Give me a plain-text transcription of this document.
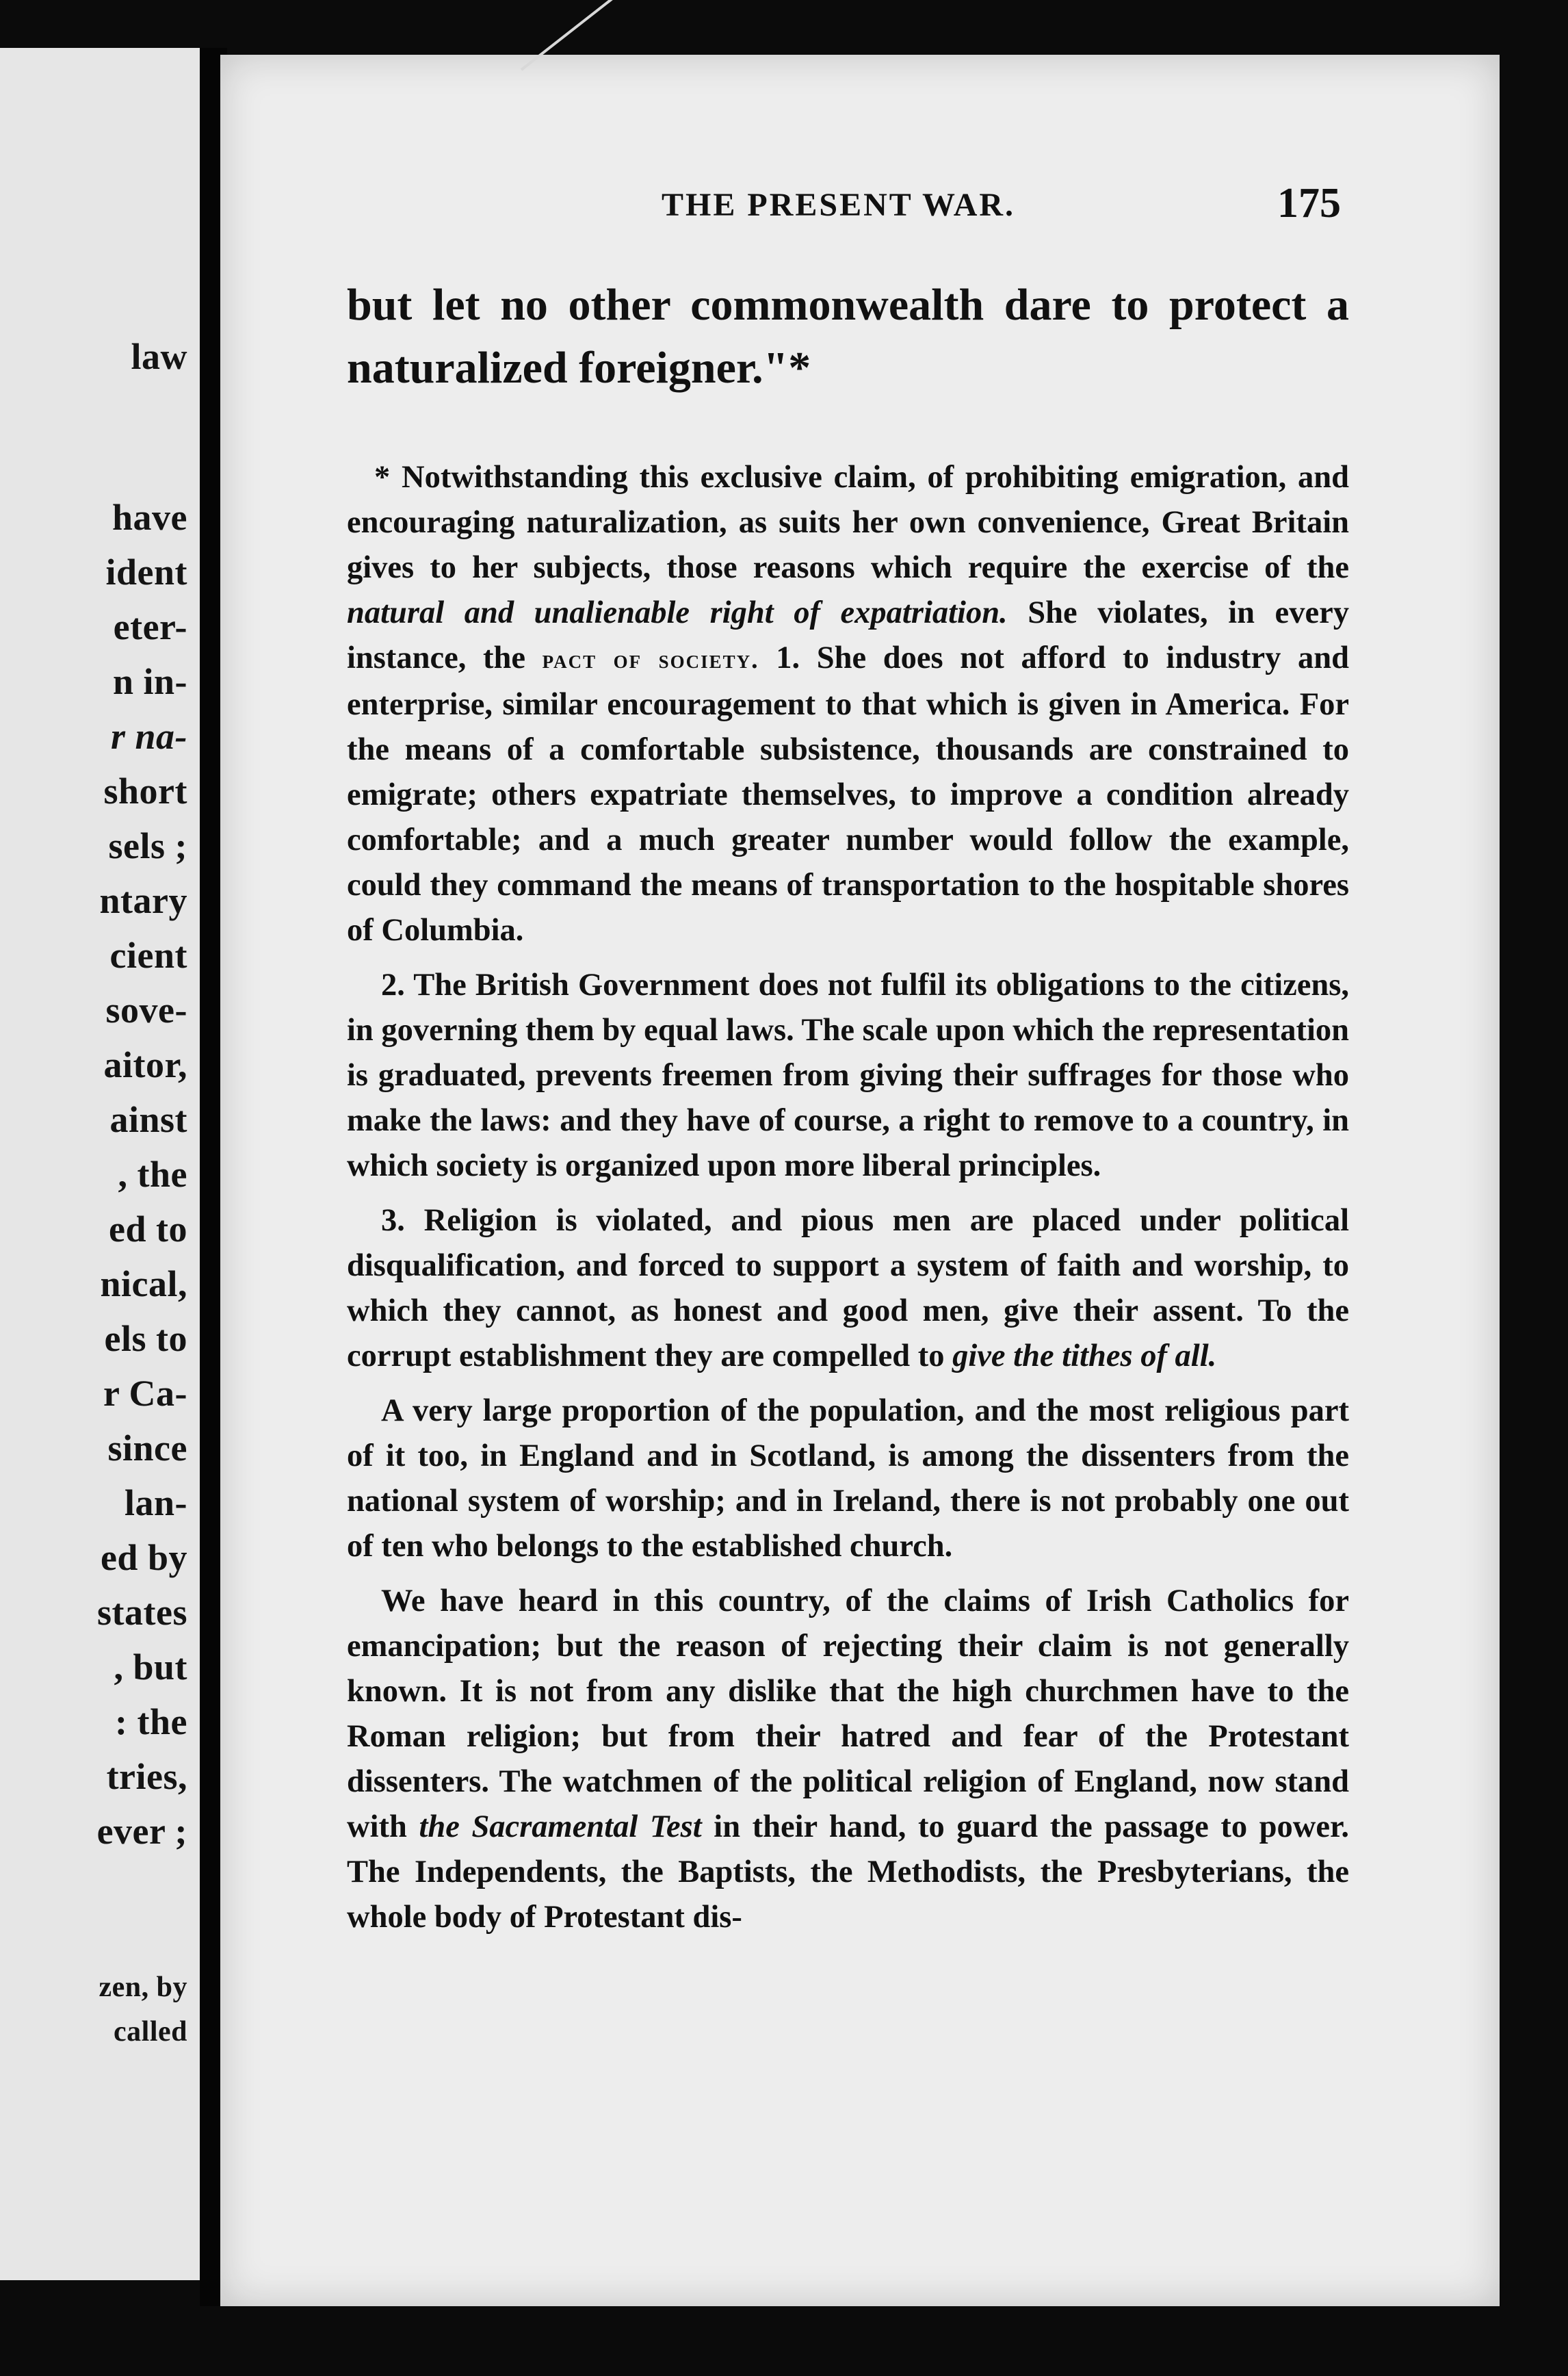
law
have
ident
eter-
n in-
r na-
short
sels ;
ntary
cient
sove-
aitor,
ainst
, the
ed to
nical,
els to
r Ca-
since
lan-
ed by
states
, but
: the
tries,
ever ;
zen, by
called
THE PRESENT WAR.	175
but let no other commonwealth dare to protect a naturalized foreigner."*

* Notwithstanding this exclusive claim, of prohibiting emigration, and encouraging naturalization, as suits her own convenience, Great Britain gives to her subjects, those reasons which require the exercise of the natural and unalienable right of expatriation. She violates, in every instance, the pact of society. 1. She does not afford to industry and enterprise, similar encouragement to that which is given in America. For the means of a comfortable subsistence, thousands are constrained to emigrate; others expatriate themselves, to improve a condition already comfortable; and a much greater number would follow the example, could they command the means of transportation to the hospitable shores of Columbia.

2. The British Government does not fulfil its obligations to the citizens, in governing them by equal laws. The scale upon which the representation is graduated, prevents freemen from giving their suffrages for those who make the laws: and they have of course, a right to remove to a country, in which society is organized upon more liberal principles.

3. Religion is violated, and pious men are placed under political disqualification, and forced to support a system of faith and worship, to which they cannot, as honest and good men, give their assent. To the corrupt establishment they are compelled to give the tithes of all.

A very large proportion of the population, and the most religious part of it too, in England and in Scotland, is among the dissenters from the national system of worship; and in Ireland, there is not probably one out of ten who belongs to the established church.

We have heard in this country, of the claims of Irish Catholics for emancipation; but the reason of rejecting their claim is not generally known. It is not from any dislike that the high churchmen have to the Roman religion; but from their hatred and fear of the Protestant dissenters. The watchmen of the political religion of England, now stand with the Sacramental Test in their hand, to guard the passage to power. The Independents, the Baptists, the Methodists, the Presbyterians, the whole body of Protestant dis-
